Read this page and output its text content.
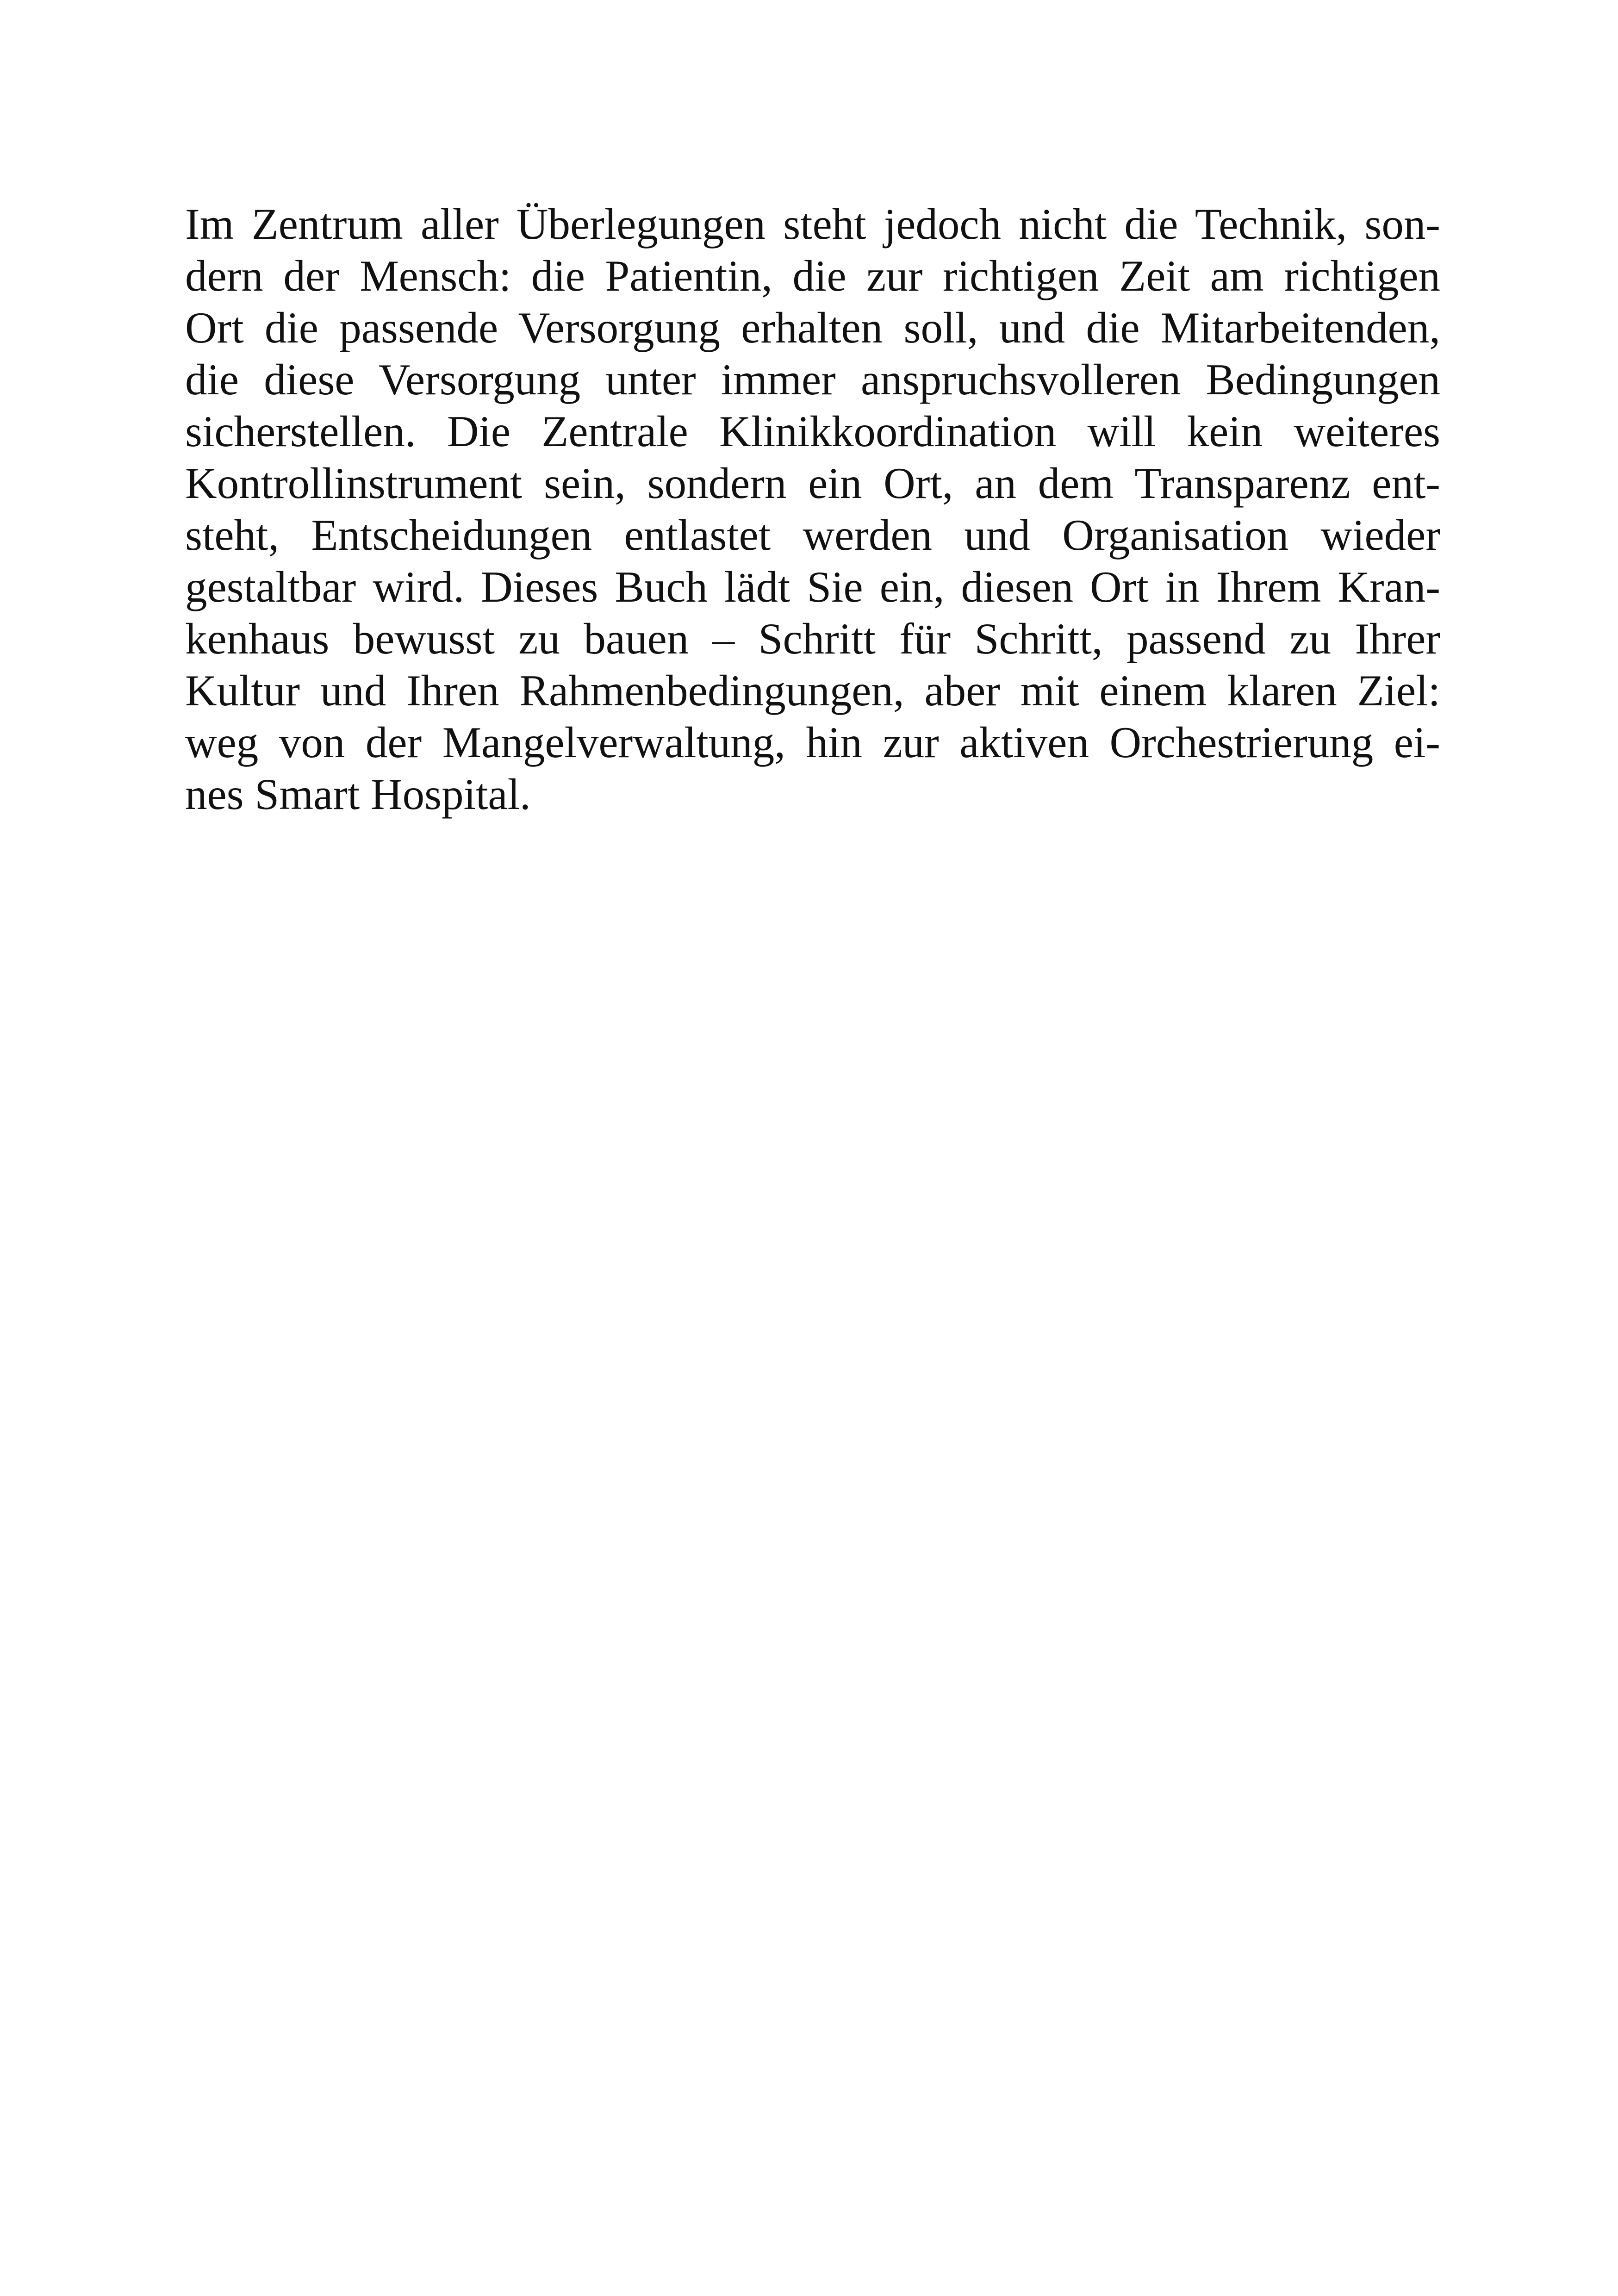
Im Zentrum aller Überlegungen steht jedoch nicht die Technik, son-
dern der Mensch: die Patientin, die zur richtigen Zeit am richtigen
Ort die passende Versorgung erhalten soll, und die Mitarbeitenden,
die diese Versorgung unter immer anspruchsvolleren Bedingungen
sicherstellen. Die Zentrale Klinikkoordination will kein weiteres
Kontrollinstrument sein, sondern ein Ort, an dem Transparenz ent-
steht, Entscheidungen entlastet werden und Organisation wieder
gestaltbar wird. Dieses Buch lädt Sie ein, diesen Ort in Ihrem Kran-
kenhaus bewusst zu bauen – Schritt für Schritt, passend zu Ihrer
Kultur und Ihren Rahmenbedingungen, aber mit einem klaren Ziel:
weg von der Mangelverwaltung, hin zur aktiven Orchestrierung ei-
nes Smart Hospital.
